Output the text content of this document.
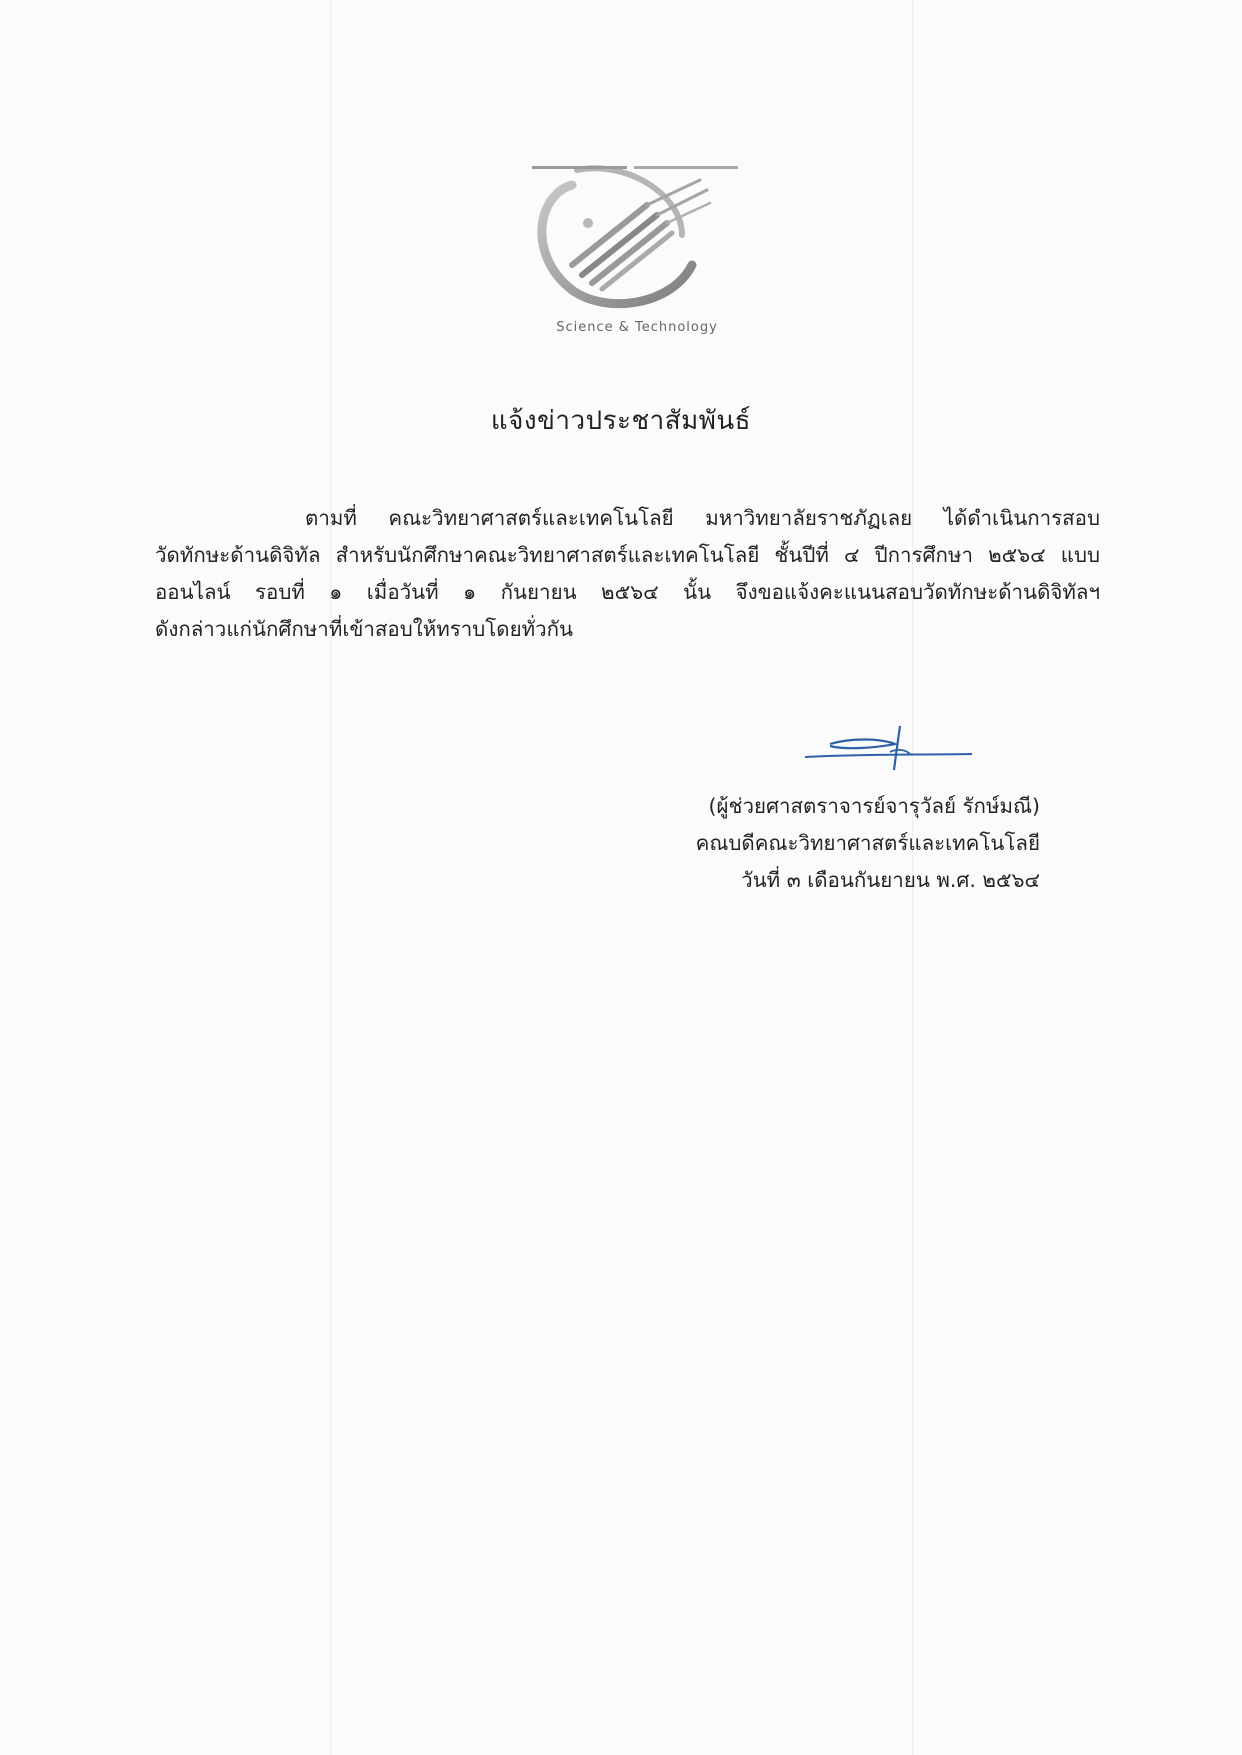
Science & Technology
แจ้งข่าวประชาสัมพันธ์
ตามที่ คณะวิทยาศาสตร์และเทคโนโลยี มหาวิทยาลัยราชภัฏเลย ได้ดำเนินการสอบ
วัดทักษะด้านดิจิทัล สำหรับนักศึกษาคณะวิทยาศาสตร์และเทคโนโลยี ชั้นปีที่ ๔ ปีการศึกษา ๒๕๖๔ แบบ
ออนไลน์ รอบที่ ๑ เมื่อวันที่ ๑ กันยายน ๒๕๖๔ นั้น จึงขอแจ้งคะแนนสอบวัดทักษะด้านดิจิทัลฯ
ดังกล่าวแก่นักศึกษาที่เข้าสอบให้ทราบโดยทั่วกัน
(ผู้ช่วยศาสตราจารย์จารุวัลย์ รักษ์มณี)
คณบดีคณะวิทยาศาสตร์และเทคโนโลยี
วันที่ ๓ เดือนกันยายน พ.ศ. ๒๕๖๔
